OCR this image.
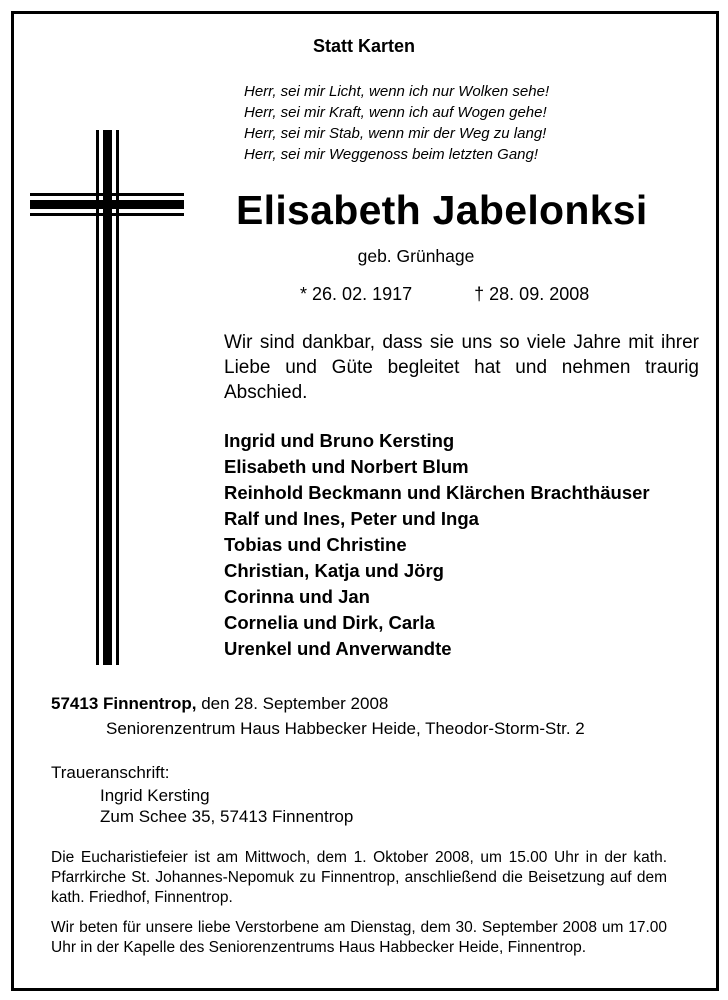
Statt Karten
Herr, sei mir Licht, wenn ich nur Wolken sehe!
Herr, sei mir Kraft, wenn ich auf Wogen gehe!
Herr, sei mir Stab, wenn mir der Weg zu lang!
Herr, sei mir Weggenoss beim letzten Gang!
Elisabeth Jabelonksi
geb. Grünhage
* 26. 02. 1917	† 28. 09. 2008
Wir sind dankbar, dass sie uns so viele Jahre mit ihrer Liebe und Güte begleitet hat und nehmen traurig Abschied.
Ingrid und Bruno Kersting
Elisabeth und Norbert Blum
Reinhold Beckmann und Klärchen Brachthäuser
Ralf und Ines, Peter und Inga
Tobias und Christine
Christian, Katja und Jörg
Corinna und Jan
Cornelia und Dirk, Carla
Urenkel und Anverwandte
57413 Finnentrop, den 28. September 2008
Seniorenzentrum Haus Habbecker Heide, Theodor-Storm-Str. 2
Traueranschrift:
Ingrid Kersting
Zum Schee 35, 57413 Finnentrop
Die Eucharistiefeier ist am Mittwoch, dem 1. Oktober 2008, um 15.00 Uhr in der kath. Pfarrkirche St. Johannes-Nepomuk zu Finnentrop, anschließend die Beisetzung auf dem kath. Friedhof, Finnentrop.
Wir beten für unsere liebe Verstorbene am Dienstag, dem 30. September 2008 um 17.00 Uhr in der Kapelle des Seniorenzentrums Haus Habbecker Heide, Finnentrop.
